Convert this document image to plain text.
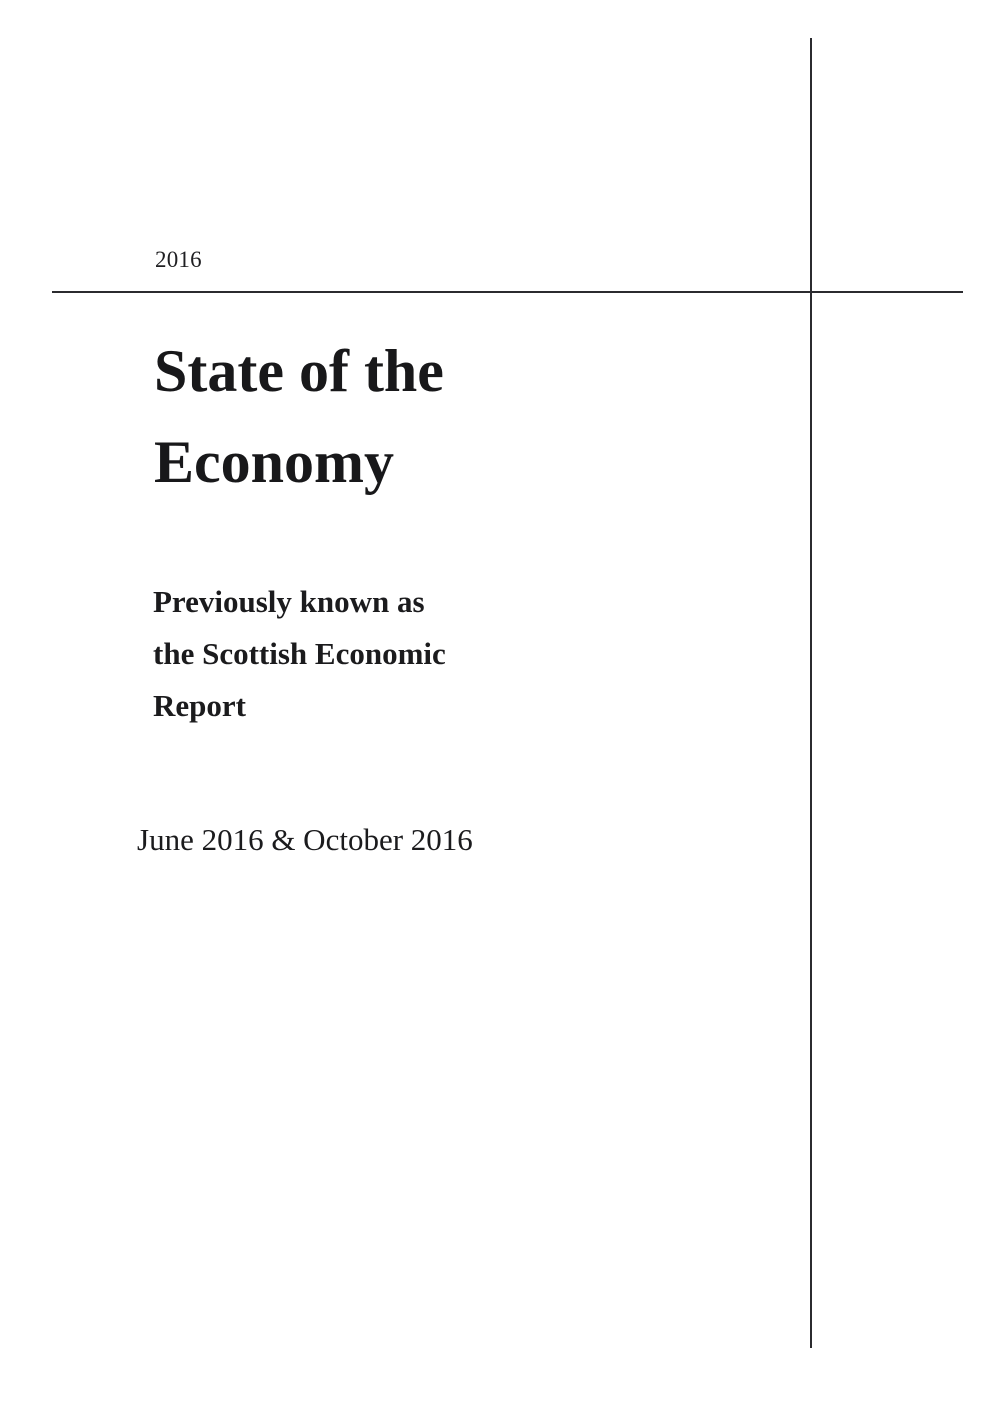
2016
State of the
Economy
Previously known as
the Scottish Economic
Report
June 2016 & October 2016
